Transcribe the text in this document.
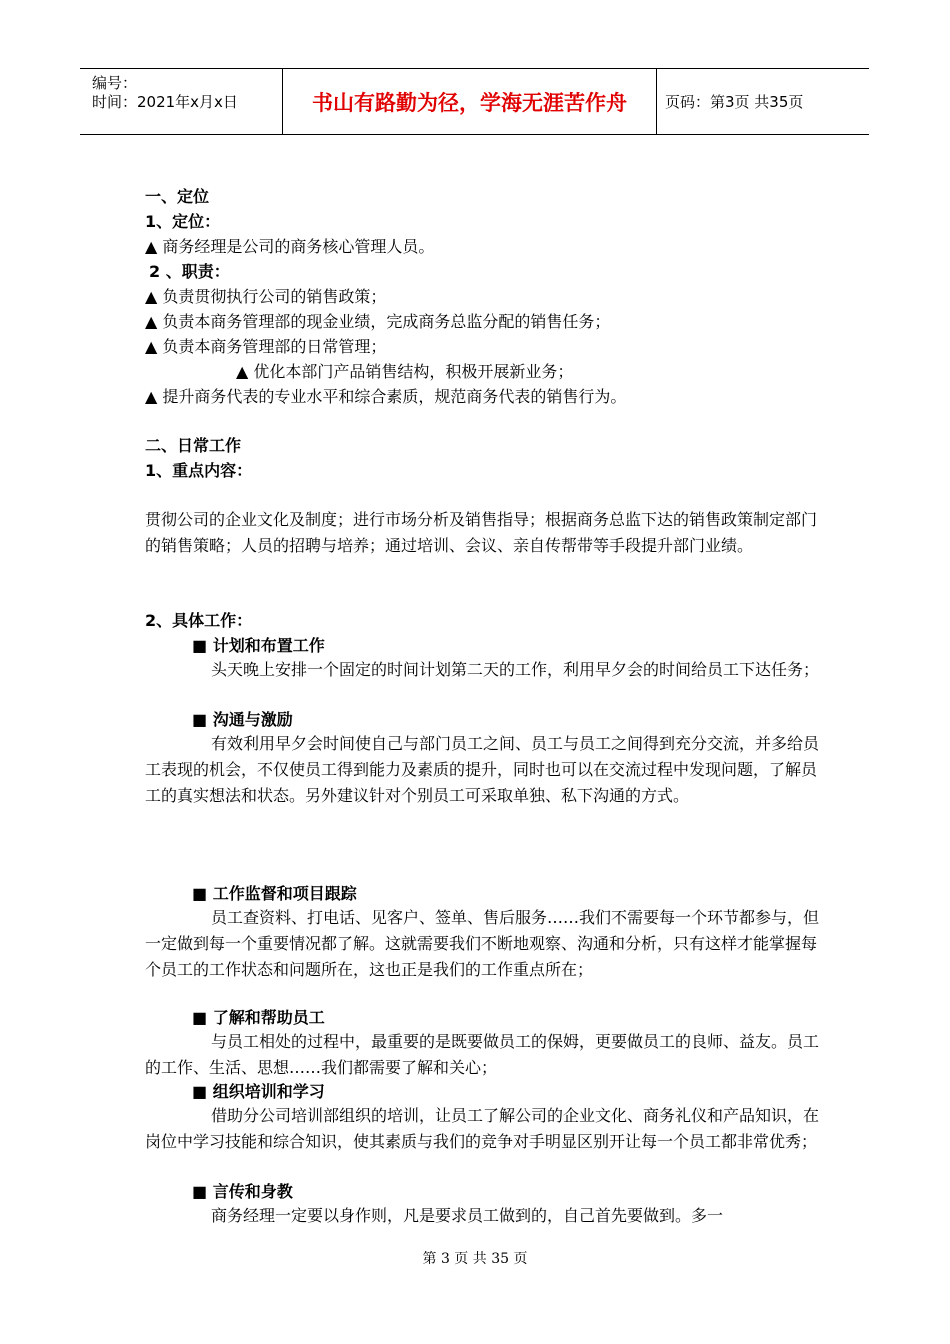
编号：
时间：2021年x月x日	书山有路勤为径，学海无涯苦作舟	页码：第3页 共35页
一、定位
1、定位：
▲ 商务经理是公司的商务核心管理人员。
2 、职责：
▲ 负责贯彻执行公司的销售政策；
▲ 负责本商务管理部的现金业绩，完成商务总监分配的销售任务；
▲ 负责本商务管理部的日常管理；
▲ 优化本部门产品销售结构，积极开展新业务；
▲ 提升商务代表的专业水平和综合素质，规范商务代表的销售行为。
二、日常工作
1、重点内容：
贯彻公司的企业文化及制度；进行市场分析及销售指导；根据商务总监下达的销售政策制定部门的销售策略；人员的招聘与培养；通过培训、会议、亲自传帮带等手段提升部门业绩。
2、具体工作：
■ 计划和布置工作
头天晚上安排一个固定的时间计划第二天的工作，利用早夕会的时间给员工下达任务；
■ 沟通与激励
有效利用早夕会时间使自己与部门员工之间、员工与员工之间得到充分交流，并多给员工表现的机会，不仅使员工得到能力及素质的提升，同时也可以在交流过程中发现问题，了解员工的真实想法和状态。另外建议针对个别员工可采取单独、私下沟通的方式。
■ 工作监督和项目跟踪
员工查资料、打电话、见客户、签单、售后服务……我们不需要每一个环节都参与，但一定做到每一个重要情况都了解。这就需要我们不断地观察、沟通和分析，只有这样才能掌握每个员工的工作状态和问题所在，这也正是我们的工作重点所在；
■ 了解和帮助员工
与员工相处的过程中，最重要的是既要做员工的保姆，更要做员工的良师、益友。员工的工作、生活、思想……我们都需要了解和关心；
■ 组织培训和学习
借助分公司培训部组织的培训，让员工了解公司的企业文化、商务礼仪和产品知识，在岗位中学习技能和综合知识，使其素质与我们的竞争对手明显区别开让每一个员工都非常优秀；
■ 言传和身教
商务经理一定要以身作则，凡是要求员工做到的，自己首先要做到。多一
第 3 页 共 35 页
